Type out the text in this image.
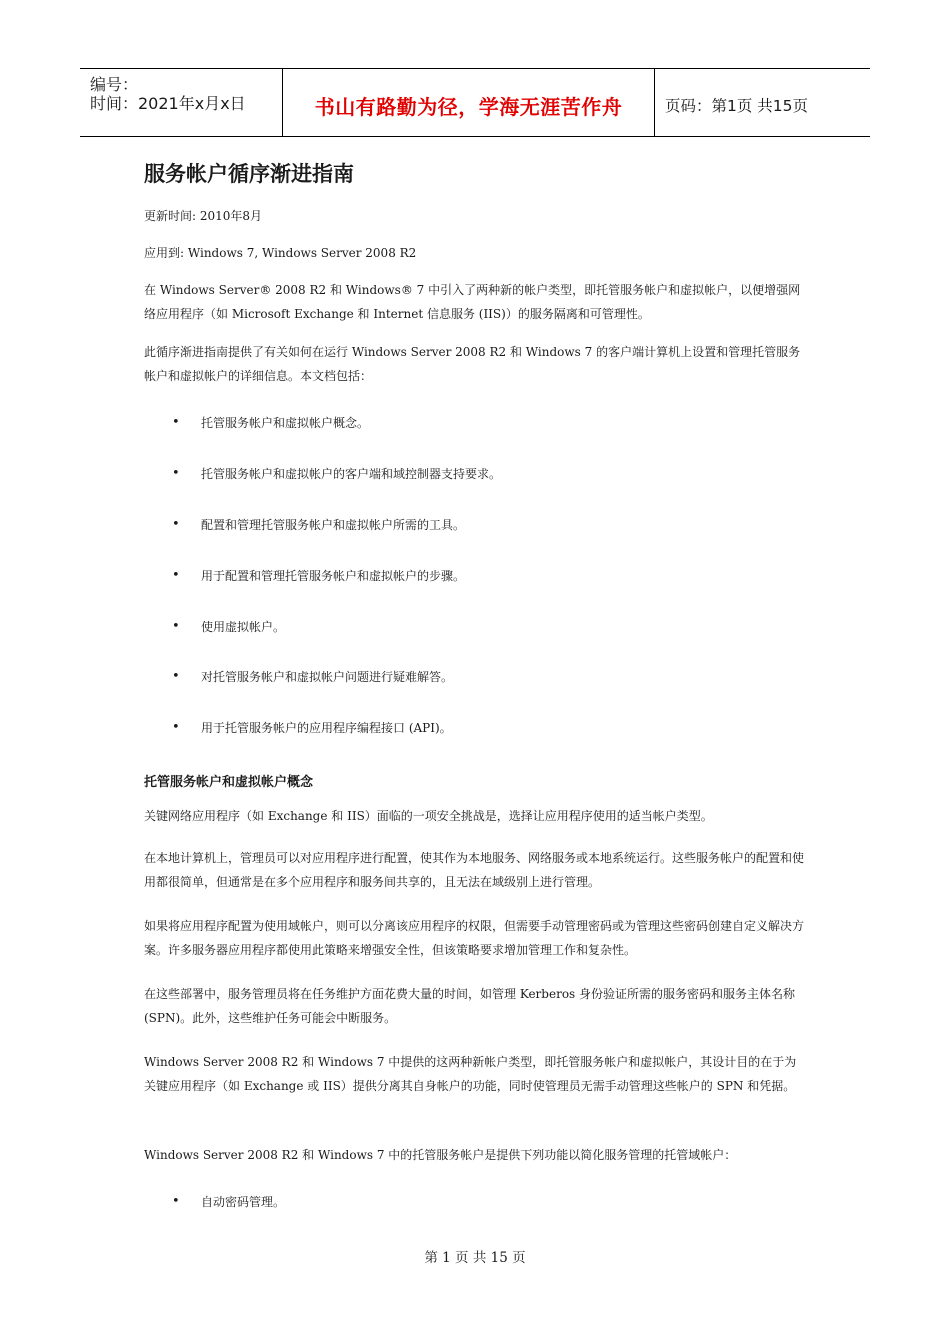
编号：
时间：2021年x月x日	书山有路勤为径，学海无涯苦作舟	页码：第1页 共15页
服务帐户循序渐进指南
更新时间: 2010年8月
应用到: Windows 7, Windows Server 2008 R2
在 Windows Server® 2008 R2 和 Windows® 7 中引入了两种新的帐户类型，即托管服务帐户和虚拟帐户，以便增强网络应用程序（如 Microsoft Exchange 和 Internet 信息服务 (IIS)）的服务隔离和可管理性。
此循序渐进指南提供了有关如何在运行 Windows Server 2008 R2 和 Windows 7 的客户端计算机上设置和管理托管服务帐户和虚拟帐户的详细信息。本文档包括：
• 托管服务帐户和虚拟帐户概念。
• 托管服务帐户和虚拟帐户的客户端和域控制器支持要求。
• 配置和管理托管服务帐户和虚拟帐户所需的工具。
• 用于配置和管理托管服务帐户和虚拟帐户的步骤。
• 使用虚拟帐户。
• 对托管服务帐户和虚拟帐户问题进行疑难解答。
• 用于托管服务帐户的应用程序编程接口 (API)。
托管服务帐户和虚拟帐户概念
关键网络应用程序（如 Exchange 和 IIS）面临的一项安全挑战是，选择让应用程序使用的适当帐户类型。
在本地计算机上，管理员可以对应用程序进行配置，使其作为本地服务、网络服务或本地系统运行。这些服务帐户的配置和使用都很简单，但通常是在多个应用程序和服务间共享的，且无法在域级别上进行管理。
如果将应用程序配置为使用域帐户，则可以分离该应用程序的权限，但需要手动管理密码或为管理这些密码创建自定义解决方案。许多服务器应用程序都使用此策略来增强安全性，但该策略要求增加管理工作和复杂性。
在这些部署中，服务管理员将在任务维护方面花费大量的时间，如管理 Kerberos 身份验证所需的服务密码和服务主体名称 (SPN)。此外，这些维护任务可能会中断服务。
Windows Server 2008 R2 和 Windows 7 中提供的这两种新帐户类型，即托管服务帐户和虚拟帐户，其设计目的在于为关键应用程序（如 Exchange 或 IIS）提供分离其自身帐户的功能，同时使管理员无需手动管理这些帐户的 SPN 和凭据。
Windows Server 2008 R2 和 Windows 7 中的托管服务帐户是提供下列功能以简化服务管理的托管域帐户：
• 自动密码管理。
第 1 页 共 15 页
